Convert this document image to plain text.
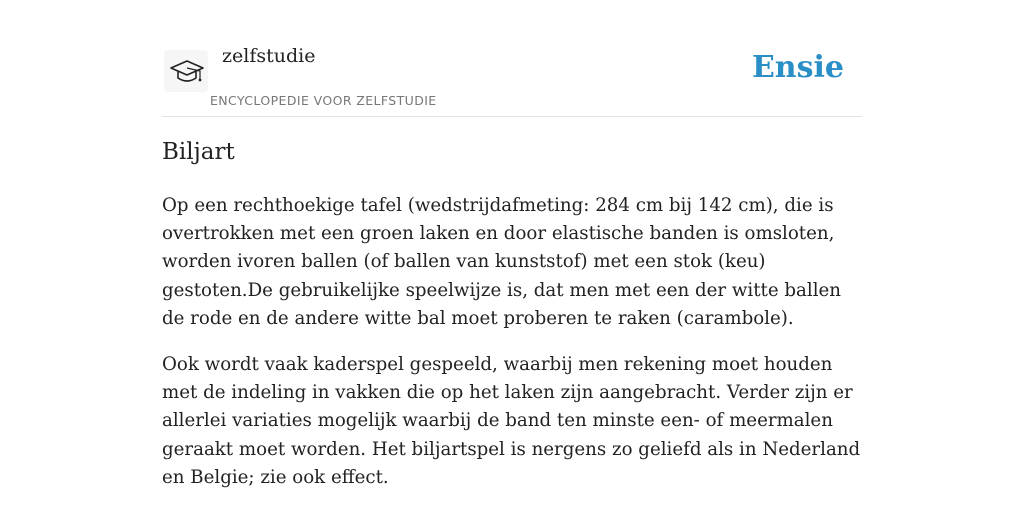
zelfstudie
ENCYCLOPEDIE VOOR ZELFSTUDIE
Ensie
Biljart

Op een rechthoekige tafel (wedstrijdafmeting: 284 cm bij 142 cm), die is overtrokken met een groen laken en door elastische banden is omsloten, worden ivoren ballen (of ballen van kunststof) met een stok (keu) gestoten.De gebruikelijke speelwijze is, dat men met een der witte ballen de rode en de andere witte bal moet proberen te raken (carambole).

Ook wordt vaak kaderspel gespeeld, waarbij men rekening moet houden met de indeling in vakken die op het laken zijn aangebracht. Verder zijn er allerlei variaties mogelijk waarbij de band ten minste een- of meermalen geraakt moet worden. Het biljartspel is nergens zo geliefd als in Nederland en Belgie; zie ook effect.
